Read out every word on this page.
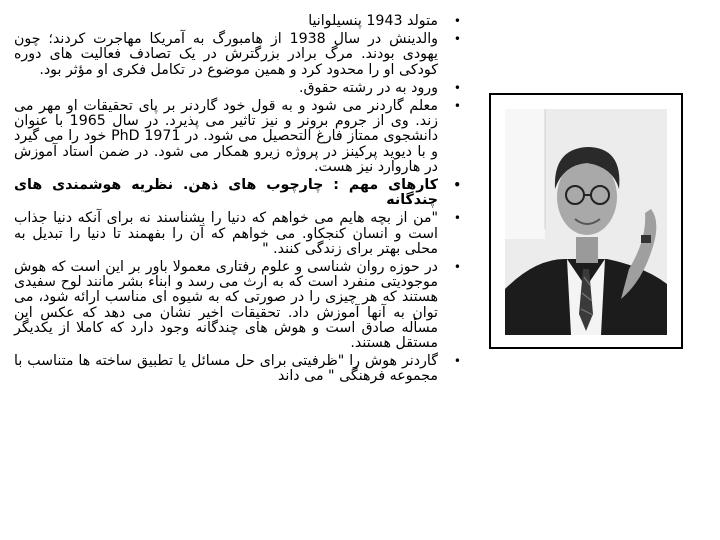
•
متولد 1943 پنسیلوانیا
•
والدینش در سال 1938 از هامبورگ به آمریکا مهاجرت کردند؛ چون یهودی بودند. مرگ برادر بزرگترش در یک تصادف فعالیت های دوره کودکی او را محدود کرد و همین موضوع در تکامل فکری او مؤثر بود.
•
ورود به در رشته حقوق.
•
معلم گاردنر می شود و به قول خود گاردنر بر پای تحقیقات او مهر می زند. وی از جروم برونر و نیز تاثیر می پذیرد. در سال 1965 با عنوان دانشجوی ممتاز فارغ التحصیل می شود. در PhD 1971 خود را می گیرد و با دیوید پرکینز در پروژه زیرو همکار می شود. در ضمن استاد آموزش در هاروارد نیز هست.
•
کارهای مهم : چارچوب های ذهن. نظریه هوشمندی های چندگانه
•
"من از بچه هایم می خواهم که دنیا را بشناسند نه برای آنکه دنیا جذاب است و انسان کنجکاو. می خواهم که آن را بفهمند تا دنیا را تبدیل به محلی بهتر برای زندگی کنند. "
•
در حوزه روان شناسی و علوم رفتاری معمولا باور بر این است که هوش موجودیتی منفرد است که به ارث می رسد و ابناء بشر مانند لوح سفیدی هستند که هر چیزی را در صورتی که به شیوه ای مناسب ارائه شود، می توان به آنها آموزش داد. تحقیقات اخیر نشان می دهد که عکس این مسأله صادق است و هوش های چندگانه وجود دارد که کاملا از یکدیگر مستقل هستند.
•
گاردنر هوش را "ظرفیتی برای حل مسائل یا تطبیق ساخته ها متناسب با مجموعه فرهنگی " می داند
